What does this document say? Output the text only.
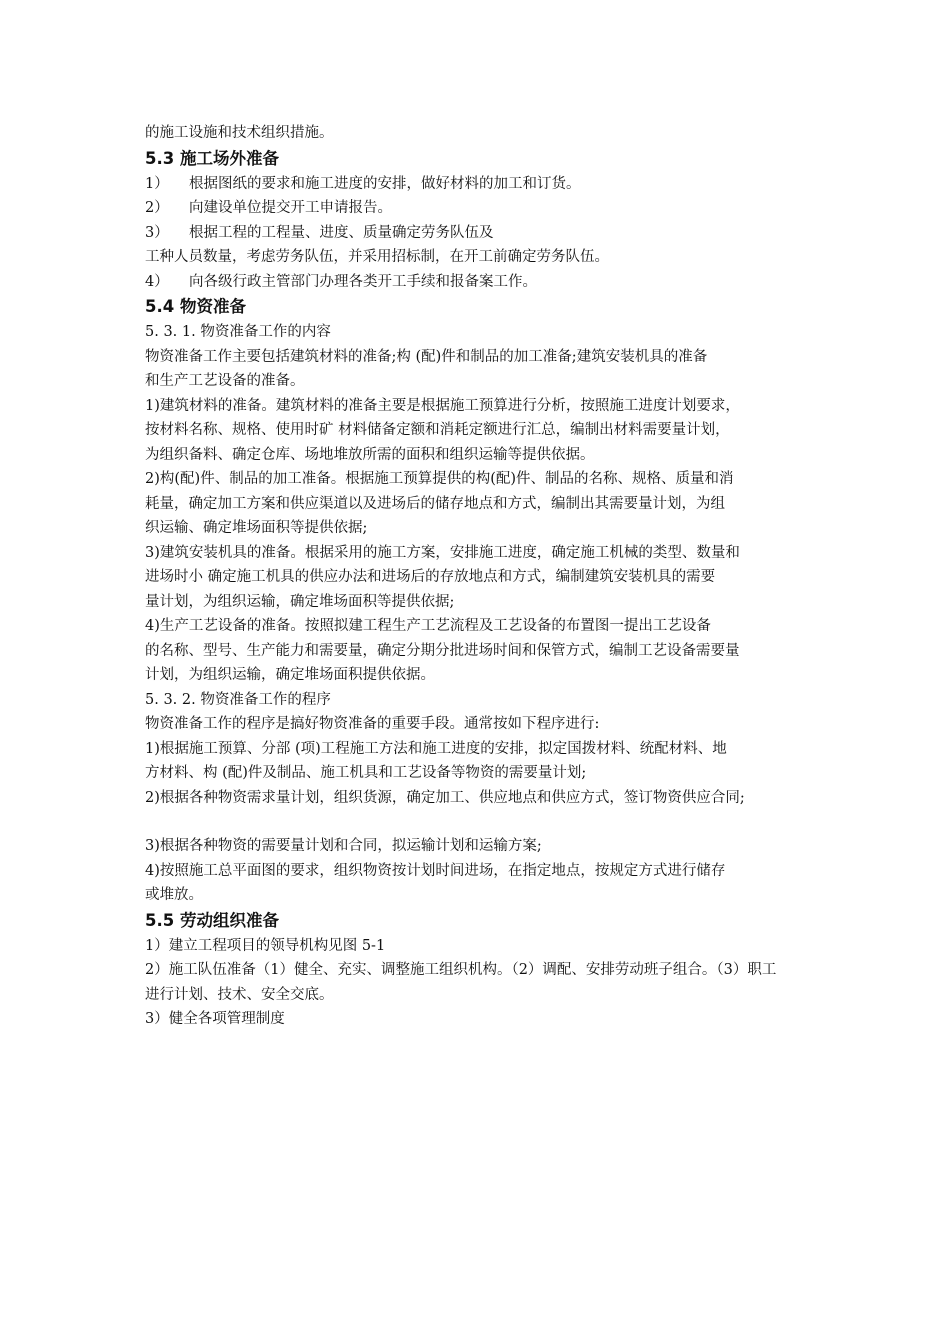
的施工设施和技术组织措施。

5.3 施工场外准备
1）	根据图纸的要求和施工进度的安排，做好材料的加工和订货。
2）	向建设单位提交开工申请报告。
3）	根据工程的工程量、进度、质量确定劳务队伍及

工种人员数量，考虑劳务队伍，并采用招标制，在开工前确定劳务队伍。

4）	向各级行政主管部门办理各类开工手续和报备案工作。
5.4 物资准备

5. 3. 1. 物资准备工作的内容

物资准备工作主要包括建筑材料的准备;构 (配)件和制品的加工准备;建筑安装机具的准备

和生产工艺设备的准备。

1)建筑材料的准备。建筑材料的准备主要是根据施工预算进行分析，按照施工进度计划要求，

按材料名称、规格、使用时矿 材料储备定额和消耗定额进行汇总，编制出材料需要量计划，

为组织备料、确定仓库、场地堆放所需的面积和组织运输等提供依据。

2)构(配)件、制品的加工准备。根据施工预算提供的构(配)件、制品的名称、规格、质量和消

耗量，确定加工方案和供应渠道以及进场后的储存地点和方式，编制出其需要量计划，为组

织运输、确定堆场面积等提供依据;

3)建筑安装机具的准备。根据采用的施工方案，安排施工进度，确定施工机械的类型、数量和

进场时小 确定施工机具的供应办法和进场后的存放地点和方式，编制建筑安装机具的需要

量计划，为组织运输，确定堆场面积等提供依据;

4)生产工艺设备的准备。按照拟建工程生产工艺流程及工艺设备的布置图一提出工艺设备

的名称、型号、生产能力和需要量，确定分期分批进场时间和保管方式，编制工艺设备需要量

计划，为组织运输，确定堆场面积提供依据。

5. 3. 2. 物资准备工作的程序

物资准备工作的程序是搞好物资准备的重要手段。通常按如下程序进行:

1)根据施工预算、分部 (项)工程施工方法和施工进度的安排，拟定国拨材料、统配材料、地

方材料、构 (配)件及制品、施工机具和工艺设备等物资的需要量计划;

2)根据各种物资需求量计划，组织货源，确定加工、供应地点和供应方式，签订物资供应合同;

3)根据各种物资的需要量计划和合同，拟运输计划和运输方案;

4)按照施工总平面图的要求，组织物资按计划时间进场，在指定地点，按规定方式进行储存

或堆放。

5.5 劳动组织准备

1）建立工程项目的领导机构见图 5-1

2）施工队伍准备（1）健全、充实、调整施工组织机构。（2）调配、安排劳动班子组合。（3）职工

进行计划、技术、安全交底。

3）健全各项管理制度
